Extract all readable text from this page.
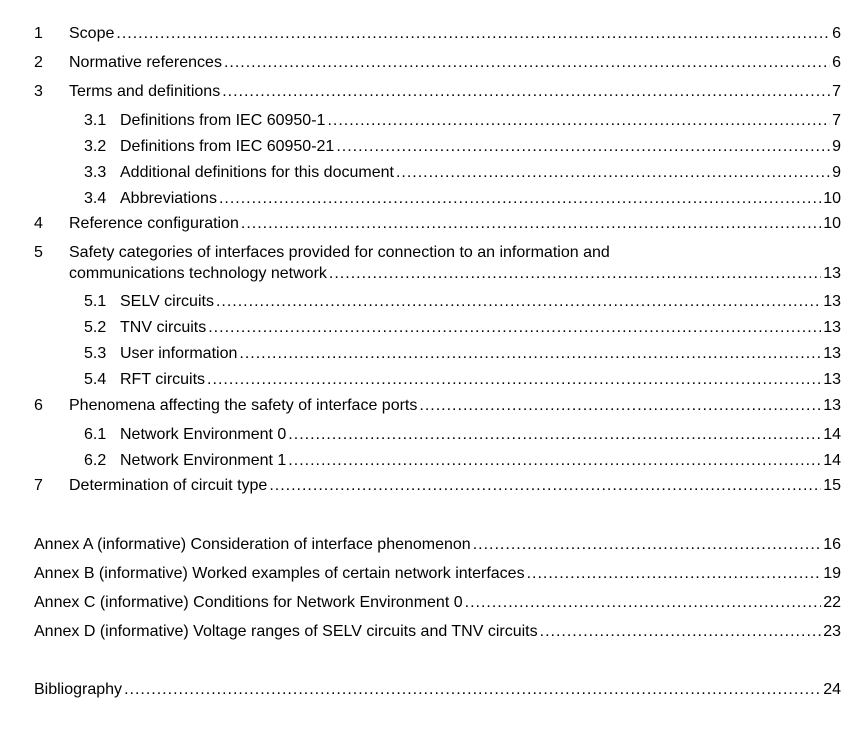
1	Scope .....	6
2	Normative references .....	6
3	Terms and definitions .....	7
3.1 Definitions from IEC 60950-1 .....	7
3.2 Definitions from IEC 60950-21 .....	9
3.3 Additional definitions for this document .....	9
3.4 Abbreviations .....	10
4	Reference configuration .....	10
5 Safety categories of interfaces provided for connection to an information and
communications technology network .....	13
5.1 SELV circuits .....	13
5.2 TNV circuits .....	13
5.3 User information .....	13
5.4 RFT circuits .....	13
6	Phenomena affecting the safety of interface ports .....	13
6.1 Network Environment 0 .....	14
6.2 Network Environment 1 .....	14
7	Determination of circuit type .....	15
Annex A (informative) Consideration of interface phenomenon .....	16
Annex B (informative) Worked examples of certain network interfaces .....	19
Annex C (informative) Conditions for Network Environment 0 .....	22
Annex D (informative) Voltage ranges of SELV circuits and TNV circuits .....	23
Bibliography .....	24
